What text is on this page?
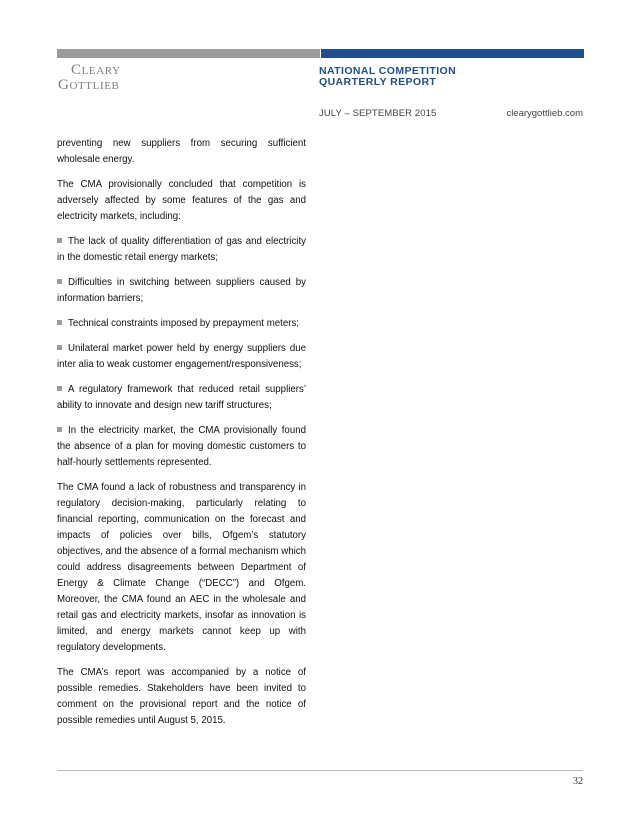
CLEARY
GOTTLIEB
NATIONAL COMPETITION
QUARTERLY REPORT
JULY – SEPTEMBER 2015	clearygottlieb.com

preventing new suppliers from securing sufficient wholesale energy.

The CMA provisionally concluded that competition is adversely affected by some features of the gas and electricity markets, including:

The lack of quality differentiation of gas and electricity in the domestic retail energy markets;

Difficulties in switching between suppliers caused by information barriers;

Technical constraints imposed by prepayment meters;

Unilateral market power held by energy suppliers due inter alia to weak customer engagement/responsiveness;

A regulatory framework that reduced retail suppliers’ ability to innovate and design new tariff structures;

In the electricity market, the CMA provisionally found the absence of a plan for moving domestic customers to half-hourly settlements represented.

The CMA found a lack of robustness and transparency in regulatory decision-making, particularly relating to financial reporting, communication on the forecast and impacts of policies over bills, Ofgem’s statutory objectives, and the absence of a formal mechanism which could address disagreements between Department of Energy & Climate Change (“DECC”) and Ofgem. Moreover, the CMA found an AEC in the wholesale and retail gas and electricity markets, insofar as innovation is limited, and energy markets cannot keep up with regulatory developments.

The CMA’s report was accompanied by a notice of possible remedies. Stakeholders have been invited to comment on the provisional report and the notice of possible remedies until August 5, 2015.

32
